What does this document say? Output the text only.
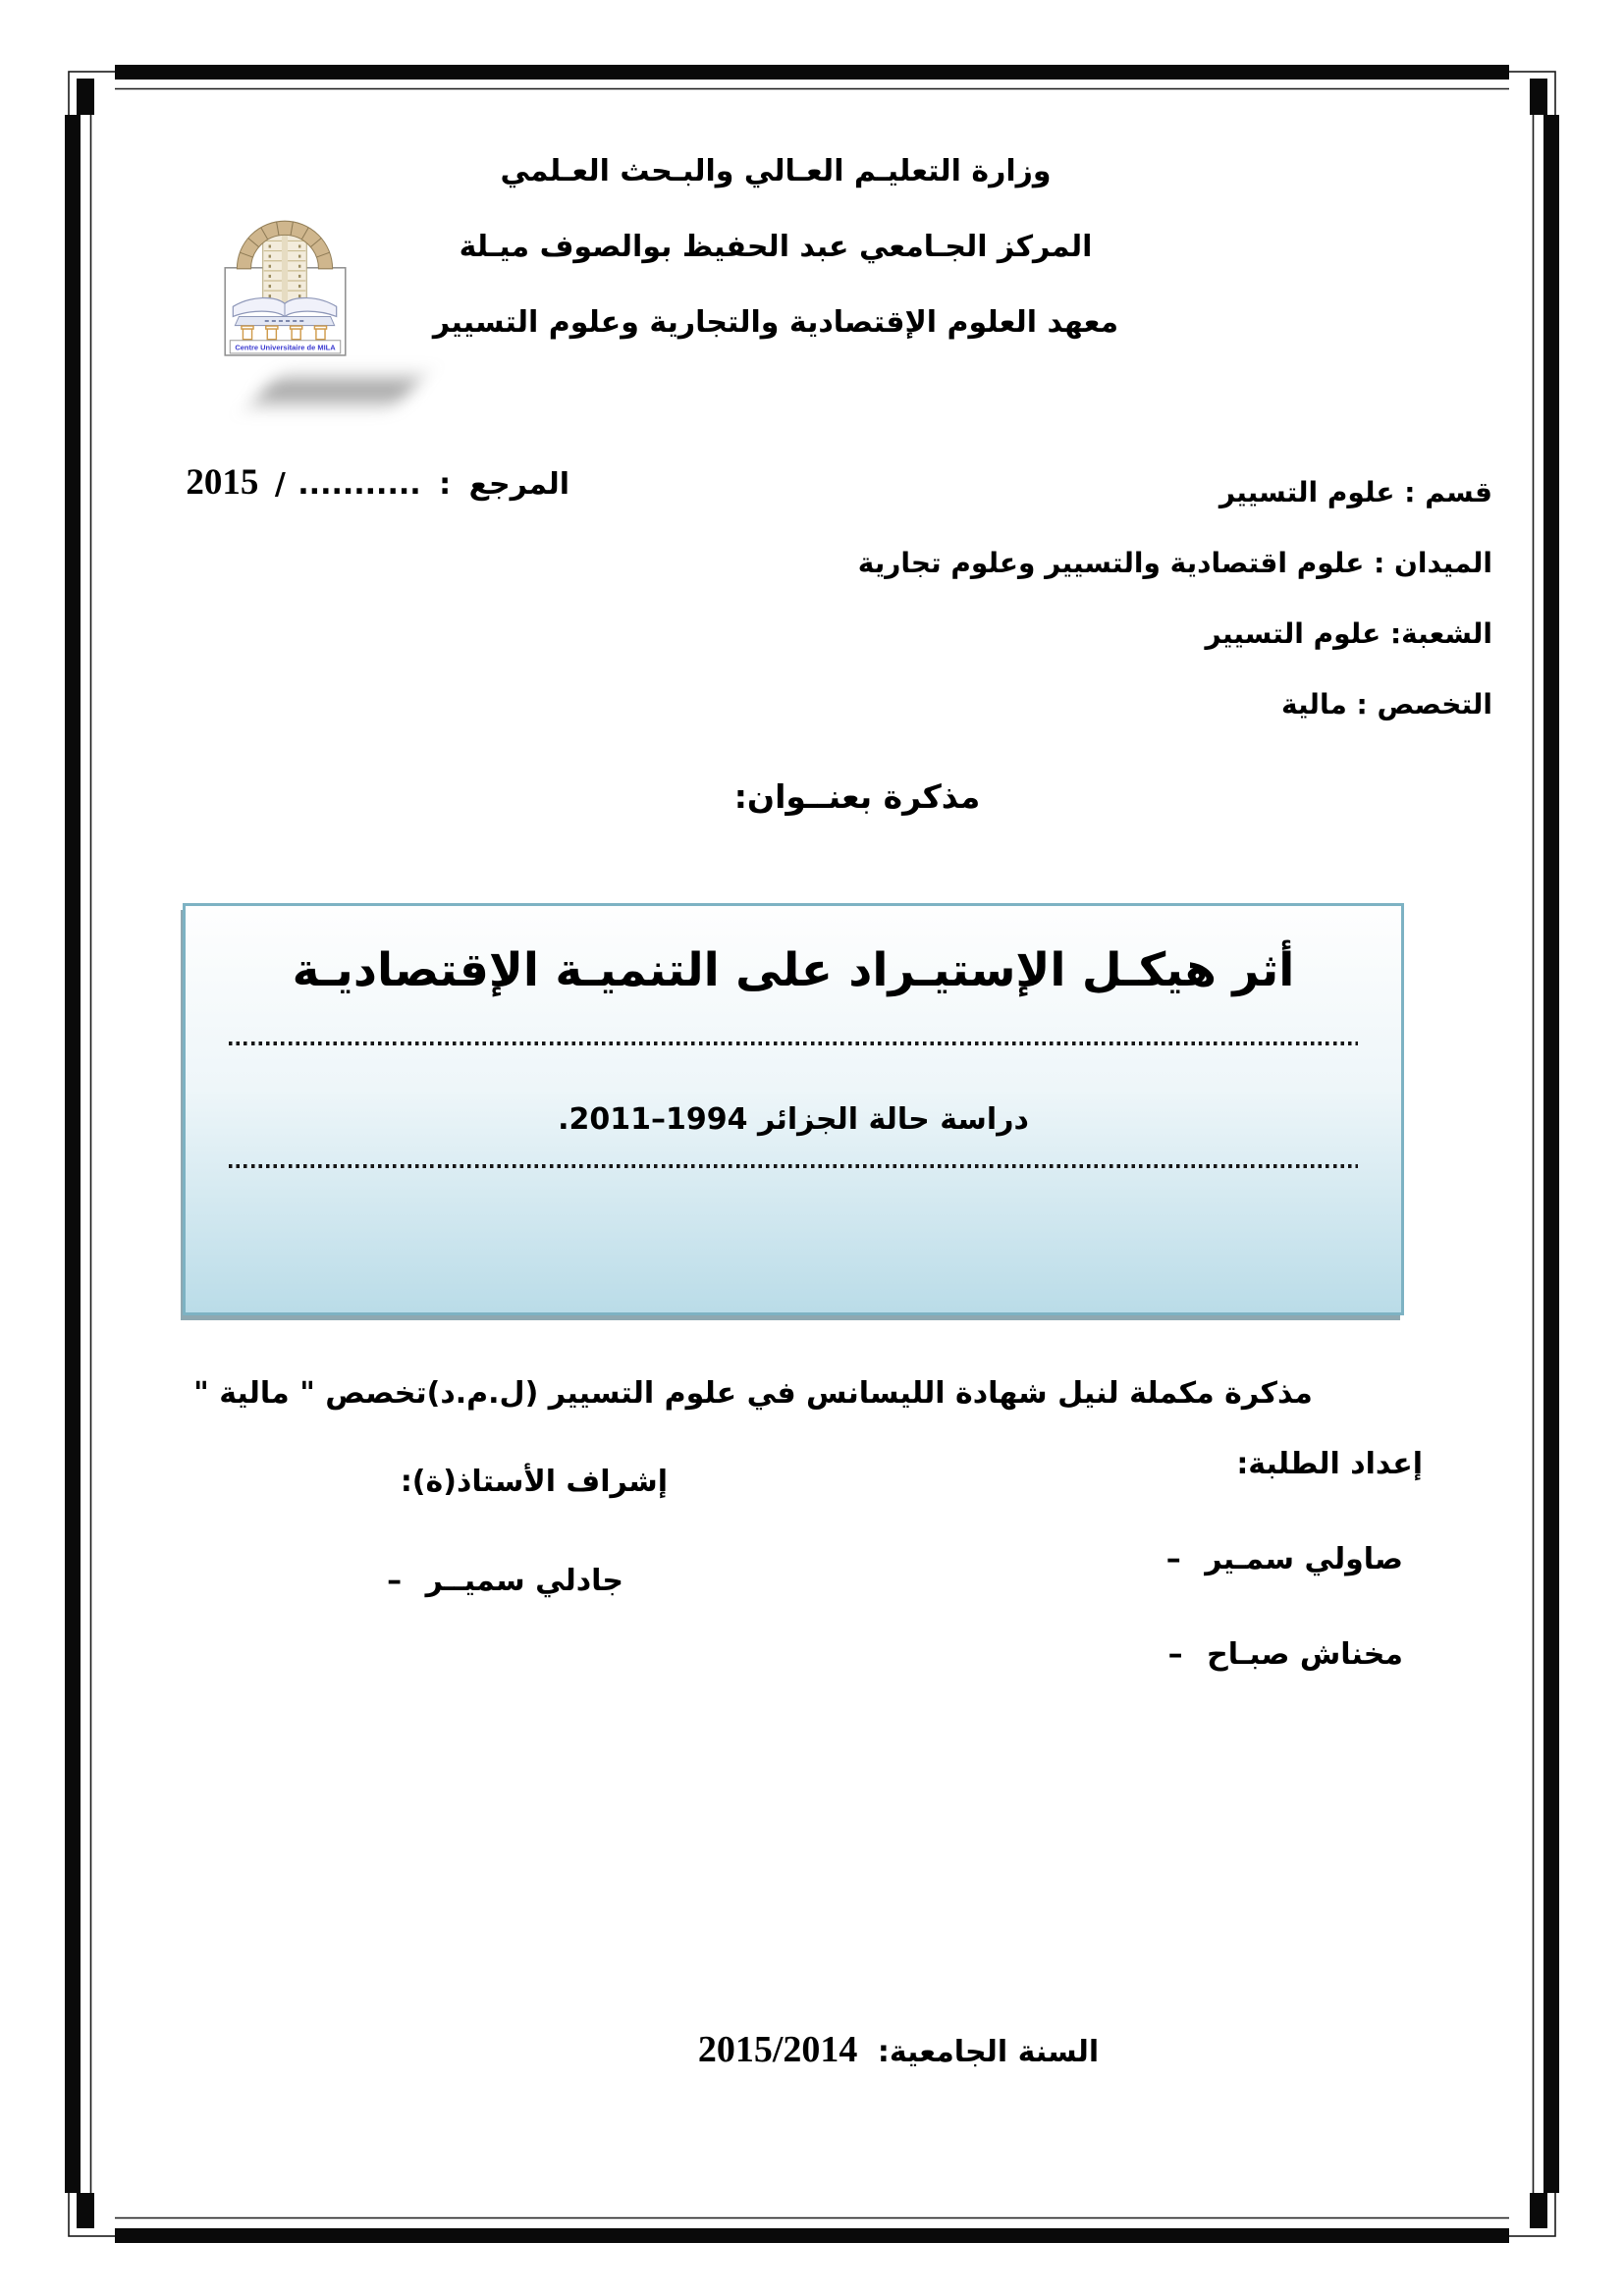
وزارة التعليـم العـالي والبـحث العـلمي
المركز الجـامعي عبد الحفيظ بوالصوف ميـلة
معهد العلوم الإقتصادية والتجارية وعلوم التسيير
Centre Universitaire de MILA
المرجع : ........... / 2015	قسم : علوم التسيير
الميدان : علوم اقتصادية والتسيير وعلوم تجارية
الشعبة: علوم التسيير
التخصص : مالية
مذكرة بعنــوان:
أثر هيكـل الإستيـراد على التنميـة الإقتصاديـة
دراسة حالة الجزائر 1994–2011.
مذكرة مكملة لنيل شهادة الليسانس في علوم التسيير (ل.م.د)تخصص " مالية "
إعداد الطلبة:
صاولي سمـير –
مخناش صبـاح –
إشراف الأستاذ(ة):
جادلي سميــر –
السنة الجامعية: 2015/2014
